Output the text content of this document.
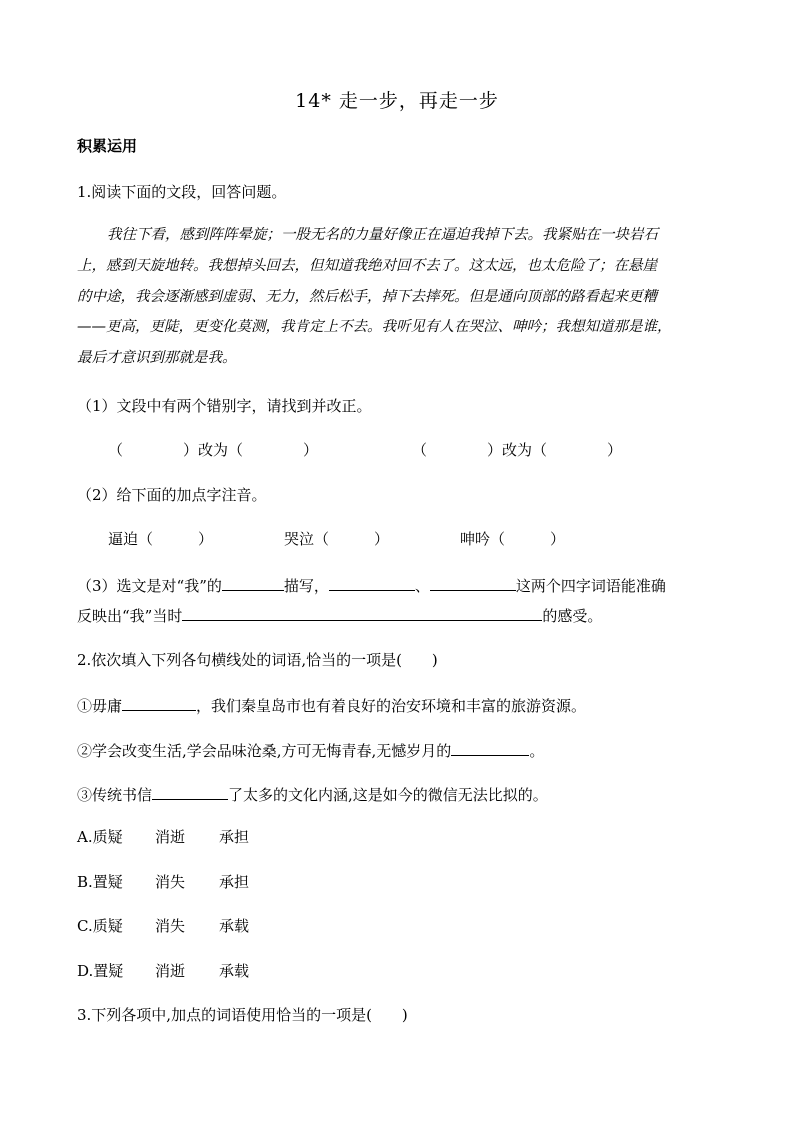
14* 走一步，再走一步
积累运用
1.阅读下面的文段，回答问题。

我往下看，感到阵阵晕旋；一股无名的力量好像正在逼迫我掉下去。我紧贴在一块岩石

上，感到天旋地转。我想掉头回去，但知道我绝对回不去了。这太远，也太危险了；在悬崖

的中途，我会逐渐感到虚弱、无力，然后松手，掉下去摔死。但是通向顶部的路看起来更糟

——更高，更陡，更变化莫测，我肯定上不去。我听见有人在哭泣、呻吟；我想知道那是谁，

最后才意识到那就是我。

（1）文段中有两个错别字，请找到并改正。
（　　　　）改为（　　　　）	（　　　　）改为（　　　　）
（2）给下面的加点字注音。
逼迫（　　　）	哭泣（　　　）	呻吟（　　　）
（3）选文是对“我”的	描写，	、	这两个四字词语能准确
反映出“我”当时	的感受。
2.依次填入下列各句横线处的词语,恰当的一项是(　　)
①毋庸	，我们秦皇岛市也有着良好的治安环境和丰富的旅游资源。
②学会改变生活,学会品味沧桑,方可无悔青春,无憾岁月的	。
③传统书信	了太多的文化内涵,这是如今的微信无法比拟的。
A.质疑 消逝 承担
B.置疑 消失 承担
C.质疑 消失 承载
D.置疑 消逝 承载
3.下列各项中,加点的词语使用恰当的一项是(　　)
